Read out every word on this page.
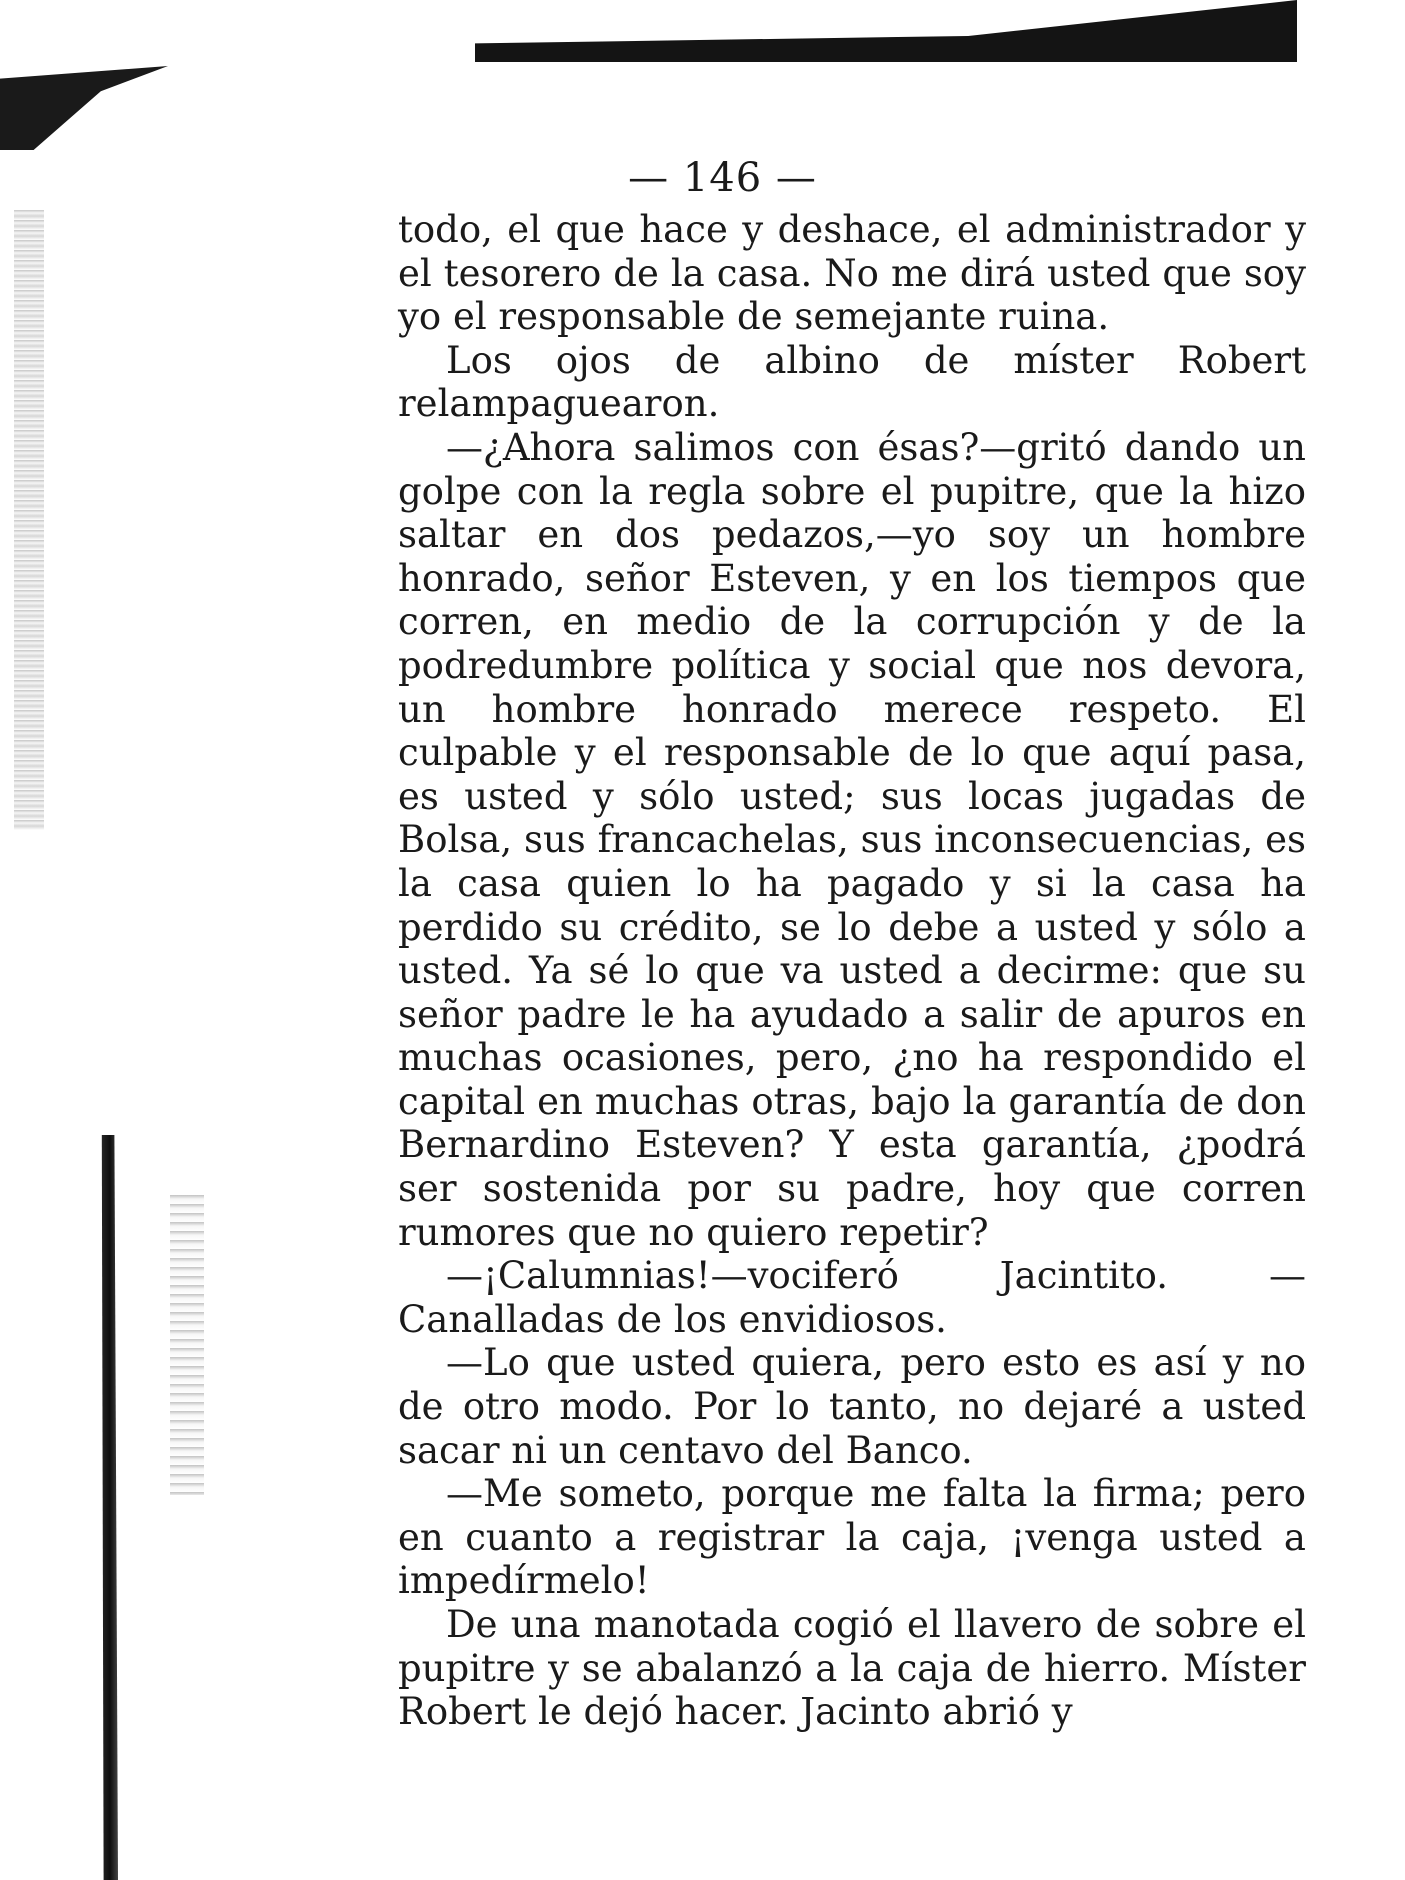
— 146 —

todo, el que hace y deshace, el administrador y el tesorero de la casa. No me dirá usted que soy yo el responsable de semejante ruina.

Los ojos de albino de míster Robert relampaguearon.

—¿Ahora salimos con ésas?—gritó dando un golpe con la regla sobre el pupitre, que la hizo saltar en dos pedazos,—yo soy un hombre honrado, señor Esteven, y en los tiempos que corren, en medio de la corrupción y de la podredumbre política y social que nos devora, un hombre honrado merece respeto. El culpable y el responsable de lo que aquí pasa, es usted y sólo usted; sus locas jugadas de Bolsa, sus francachelas, sus inconsecuencias, es la casa quien lo ha pagado y si la casa ha perdido su crédito, se lo debe a usted y sólo a usted. Ya sé lo que va usted a decirme: que su señor padre le ha ayudado a salir de apuros en muchas ocasiones, pero, ¿no ha respondido el capital en muchas otras, bajo la garantía de don Bernardino Esteven? Y esta garantía, ¿podrá ser sostenida por su padre, hoy que corren rumores que no quiero repetir?

—¡Calumnias!—vociferó Jacintito. — Canalladas de los envidiosos.

—Lo que usted quiera, pero esto es así y no de otro modo. Por lo tanto, no dejaré a usted sacar ni un centavo del Banco.

—Me someto, porque me falta la firma; pero en cuanto a registrar la caja, ¡venga usted a impedírmelo!

De una manotada cogió el llavero de sobre el pupitre y se abalanzó a la caja de hierro. Míster Robert le dejó hacer. Jacinto abrió y
